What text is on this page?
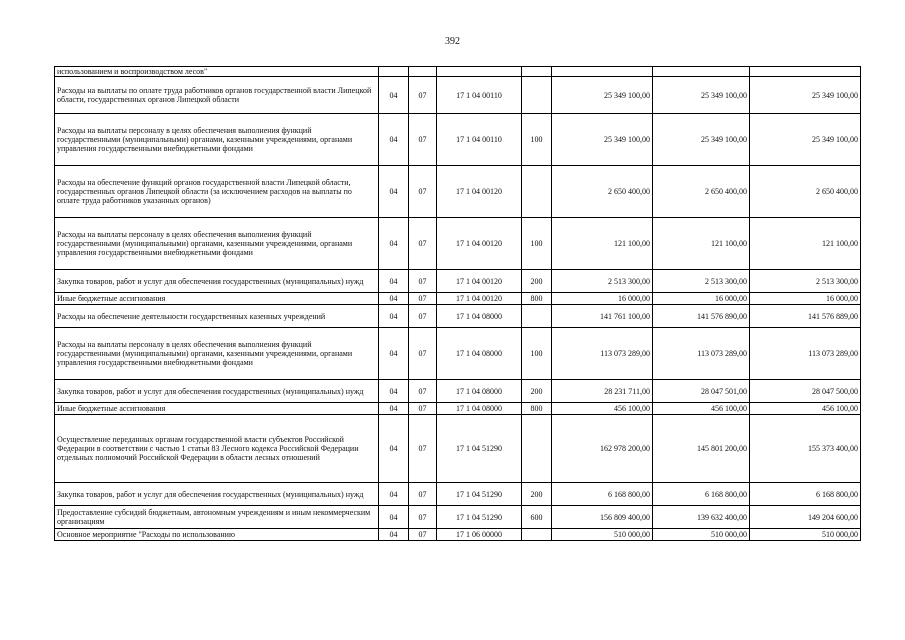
392
использованием и воспроизводством лесов"							
Расходы на выплаты по оплате труда работников органов государственной власти Липецкой области, государственных органов Липецкой области	04	07	17 1 04 00110		25 349 100,00	25 349 100,00	25 349 100,00
Расходы на выплаты персоналу в целях обеспечения выполнения функций государственными (муниципальными) органами, казенными учреждениями, органами управления государственными внебюджетными фондами	04	07	17 1 04 00110	100	25 349 100,00	25 349 100,00	25 349 100,00
Расходы на обеспечение функций органов государственной власти Липецкой области, государственных органов Липецкой области (за исключением расходов на выплаты по оплате труда работников указанных органов)	04	07	17 1 04 00120		2 650 400,00	2 650 400,00	2 650 400,00
Расходы на выплаты персоналу в целях обеспечения выполнения функций государственными (муниципальными) органами, казенными учреждениями, органами управления государственными внебюджетными фондами	04	07	17 1 04 00120	100	121 100,00	121 100,00	121 100,00
Закупка товаров, работ и услуг для обеспечения государственных (муниципальных) нужд	04	07	17 1 04 00120	200	2 513 300,00	2 513 300,00	2 513 300,00
Иные бюджетные ассигнования	04	07	17 1 04 00120	800	16 000,00	16 000,00	16 000,00
Расходы на обеспечение деятельности государственных казенных учреждений	04	07	17 1 04 08000		141 761 100,00	141 576 890,00	141 576 889,00
Расходы на выплаты персоналу в целях обеспечения выполнения функций государственными (муниципальными) органами, казенными учреждениями, органами управления государственными внебюджетными фондами	04	07	17 1 04 08000	100	113 073 289,00	113 073 289,00	113 073 289,00
Закупка товаров, работ и услуг для обеспечения государственных (муниципальных) нужд	04	07	17 1 04 08000	200	28 231 711,00	28 047 501,00	28 047 500,00
Иные бюджетные ассигнования	04	07	17 1 04 08000	800	456 100,00	456 100,00	456 100,00
Осуществление переданных органам государственной власти субъектов Российской Федерации в соответствии с частью 1 статьи 83 Лесного кодекса Российской Федерации отдельных полномочий Российской Федерации в области лесных отношений	04	07	17 1 04 51290		162 978 200,00	145 801 200,00	155 373 400,00
Закупка товаров, работ и услуг для обеспечения государственных (муниципальных) нужд	04	07	17 1 04 51290	200	6 168 800,00	6 168 800,00	6 168 800,00
Предоставление субсидий бюджетным, автономным учреждениям и иным некоммерческим организациям	04	07	17 1 04 51290	600	156 809 400,00	139 632 400,00	149 204 600,00
Основное мероприятие "Расходы по использованию	04	07	17 1 06 00000		510 000,00	510 000,00	510 000,00
